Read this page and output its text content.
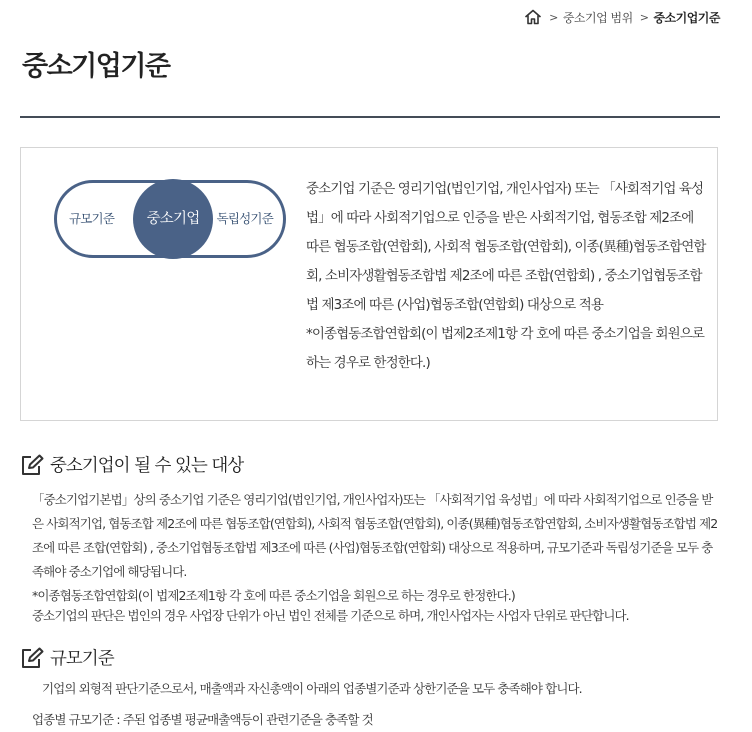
> 중소기업 범위 > 중소기업기준
중소기업기준
규모기준	중소기업	독립성기준

중소기업 기준은 영리기업(법인기업, 개인사업자) 또는 「사회적기업 육성법」에 따라 사회적기업으로 인증을 받은 사회적기업, 협동조합 제2조에 따른 협동조합(연합회), 사회적 협동조합(연합회), 이종(異種)협동조합연합회, 소비자생활협동조합법 제2조에 따른 조합(연합회) , 중소기업협동조합법 제3조에 따른 (사업)협동조합(연합회) 대상으로 적용

*이종협동조합연합회(이 법제2조제1항 각 호에 따른 중소기업을 회원으로 하는 경우로 한정한다.)

중소기업이 될 수 있는 대상

「중소기업기본법」상의 중소기업 기준은 영리기업(법인기업, 개인사업자)또는 「사회적기업 육성법」에 따라 사회적기업으로 인증을 받은 사회적기업, 협동조합 제2조에 따른 협동조합(연합회), 사회적 협동조합(연합회), 이종(異種)협동조합연합회, 소비자생활협동조합법 제2조에 따른 조합(연합회) , 중소기업협동조합법 제3조에 따른 (사업)협동조합(연합회) 대상으로 적용하며, 규모기준과 독립성기준을 모두 충족해야 중소기업에 해당됩니다.

*이종협동조합연합회(이 법제2조제1항 각 호에 따른 중소기업을 회원으로 하는 경우로 한정한다.)

중소기업의 판단은 법인의 경우 사업장 단위가 아닌 법인 전체를 기준으로 하며, 개인사업자는 사업자 단위로 판단합니다.

규모기준

기업의 외형적 판단기준으로서, 매출액과 자신총액이 아래의 업종별기준과 상한기준을 모두 충족해야 합니다.

업종별 규모기준 : 주된 업종별 평균매출액등이 관련기준을 충족할 것
